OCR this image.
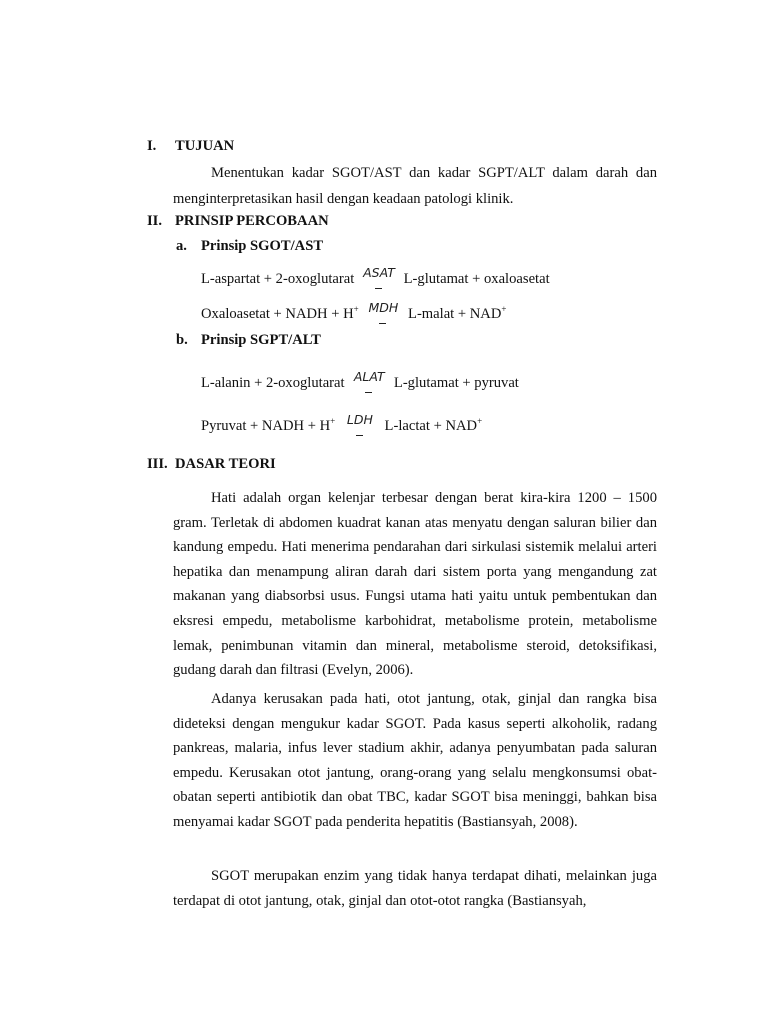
I. TUJUAN
Menentukan kadar SGOT/AST dan kadar SGPT/ALT dalam darah dan menginterpretasikan hasil dengan keadaan patologi klinik.
II. PRINSIP PERCOBAAN
a. Prinsip SGOT/AST
L-aspartat + 2-oxoglutarat ASAT L-glutamat + oxaloasetat
Oxaloasetat + NADH + H+ MDH L-malat + NAD+
b. Prinsip SGPT/ALT
L-alanin + 2-oxoglutarat ALAT L-glutamat + pyruvat
Pyruvat + NADH + H+ LDH L-lactat + NAD+
III. DASAR TEORI
Hati adalah organ kelenjar terbesar dengan berat kira-kira 1200 – 1500 gram. Terletak di abdomen kuadrat kanan atas menyatu dengan saluran bilier dan kandung empedu. Hati menerima pendarahan dari sirkulasi sistemik melalui arteri hepatika dan menampung aliran darah dari sistem porta yang mengandung zat makanan yang diabsorbsi usus. Fungsi utama hati yaitu untuk pembentukan dan eksresi empedu, metabolisme karbohidrat, metabolisme protein, metabolisme lemak, penimbunan vitamin dan mineral, metabolisme steroid, detoksifikasi, gudang darah dan filtrasi (Evelyn, 2006).
Adanya kerusakan pada hati, otot jantung, otak, ginjal dan rangka bisa dideteksi dengan mengukur kadar SGOT. Pada kasus seperti alkoholik, radang pankreas, malaria, infus lever stadium akhir, adanya penyumbatan pada saluran empedu. Kerusakan otot jantung, orang-orang yang selalu mengkonsumsi obat-obatan seperti antibiotik dan obat TBC, kadar SGOT bisa meninggi, bahkan bisa menyamai kadar SGOT pada penderita hepatitis (Bastiansyah, 2008).
SGOT merupakan enzim yang tidak hanya terdapat dihati, melainkan juga terdapat di otot jantung, otak, ginjal dan otot-otot rangka (Bastiansyah,
